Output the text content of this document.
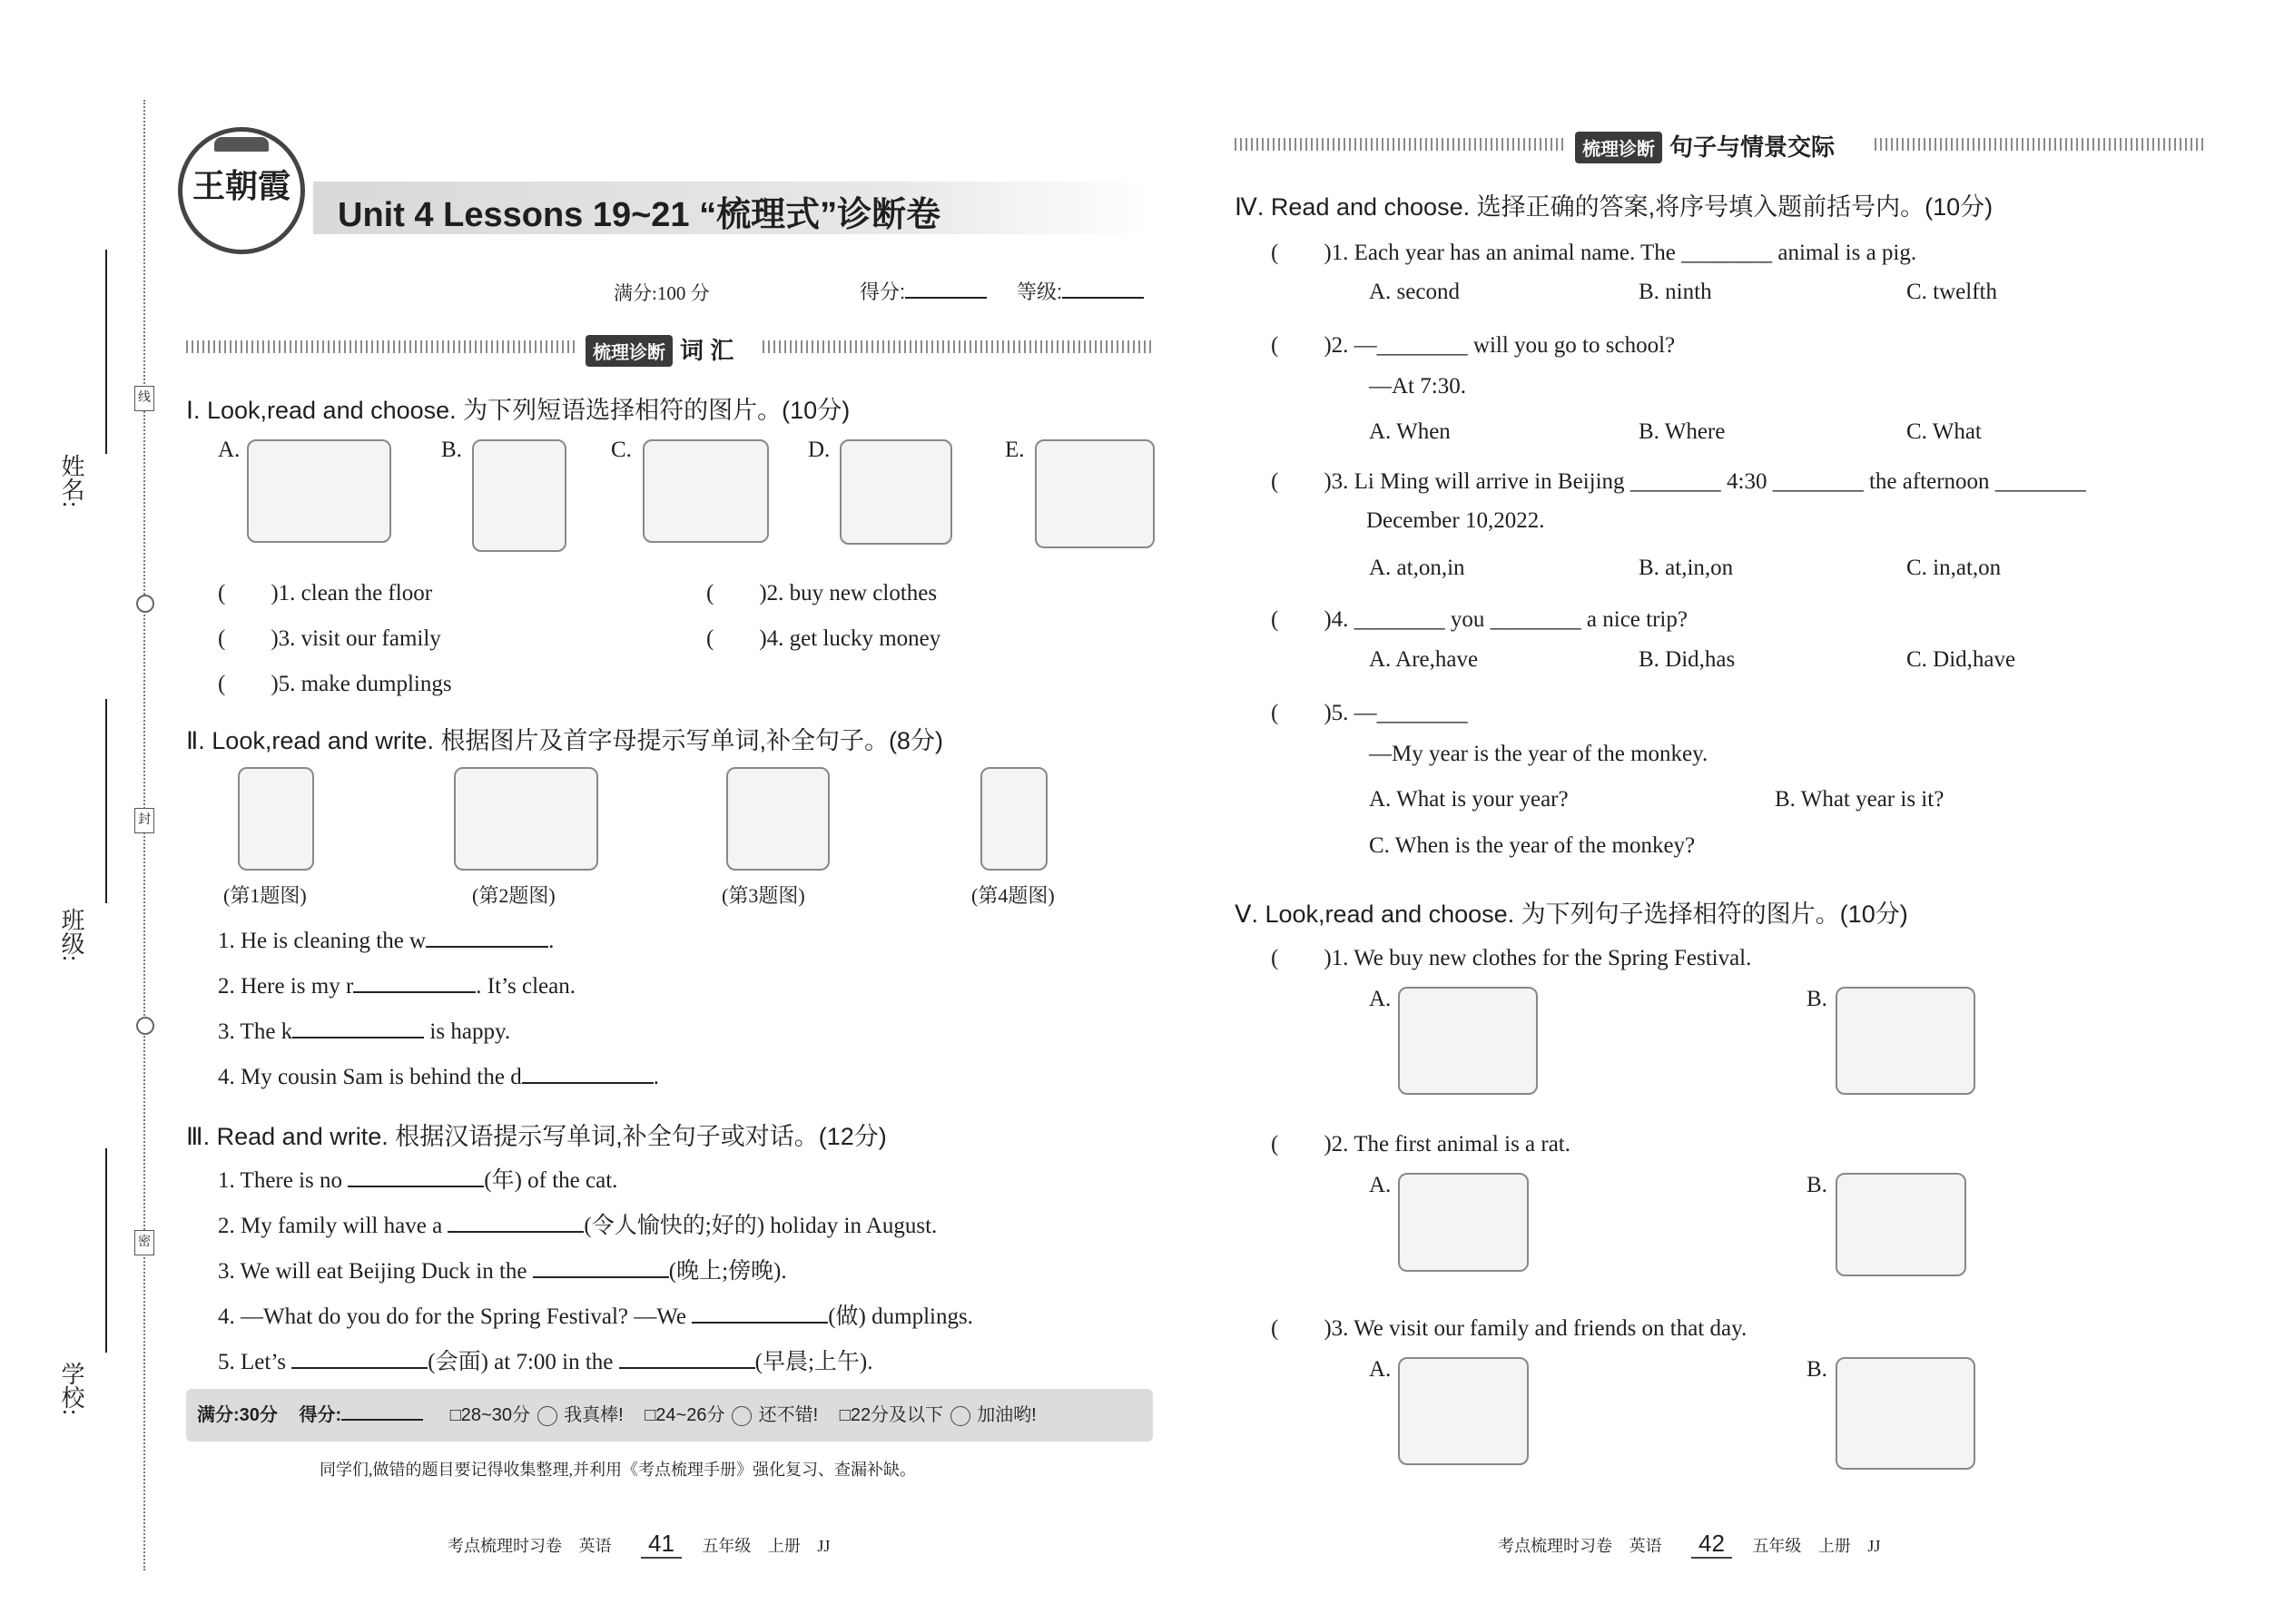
姓名:
班级:
学校:
线
封
密
王朝霞
Unit 4 Lessons 19~21 “梳理式”诊断卷
满分:100 分	得分:	等级:
梳理诊断 词 汇
Ⅰ. Look,read and choose. 为下列短语选择相符的图片。(10分)
A.	B.	C.	D.	E.
(　　)1. clean the floor	(　　)2. buy new clothes
(　　)3. visit our family	(　　)4. get lucky money
(　　)5. make dumplings
Ⅱ. Look,read and write. 根据图片及首字母提示写单词,补全句子。(8分)
(第1题图)	(第2题图)	(第3题图)	(第4题图)
1. He is cleaning the w	.
2. Here is my r	. It’s clean.
3. The k	is happy.
4. My cousin Sam is behind the d	.
Ⅲ. Read and write. 根据汉语提示写单词,补全句子或对话。(12分)
1. There is no	(年) of the cat.
2. My family will have a	(令人愉快的;好的) holiday in August.
3. We will eat Beijing Duck in the	(晚上;傍晚).
4. —What do you do for the Spring Festival? —We	(做) dumplings.
5. Let’s	(会面) at 7:00 in the	(早晨;上午).
满分:30分 得分:	□28~30分 我真棒! □24~26分 还不错! □22分及以下 加油哟!
同学们,做错的题目要记得收集整理,并利用《考点梳理手册》强化复习、查漏补缺。
考点梳理时习卷 英语 41 五年级 上册 JJ
梳理诊断 句子与情景交际
Ⅳ. Read and choose. 选择正确的答案,将序号填入题前括号内。(10分)
(　　)1. Each year has an animal name. The ________ animal is a pig.
A. second	B. ninth	C. twelfth
(　　)2. —________ will you go to school?
—At 7:30.
A. When	B. Where	C. What
(　　)3. Li Ming will arrive in Beijing ________ 4:30 ________ the afternoon ________
December 10,2022.
A. at,on,in	B. at,in,on	C. in,at,on
(　　)4. ________ you ________ a nice trip?
A. Are,have	B. Did,has	C. Did,have
(　　)5. —________
—My year is the year of the monkey.
A. What is your year?	B. What year is it?
C. When is the year of the monkey?
Ⅴ. Look,read and choose. 为下列句子选择相符的图片。(10分)
(　　)1. We buy new clothes for the Spring Festival.
A.	B.
(　　)2. The first animal is a rat.
A.	B.
(　　)3. We visit our family and friends on that day.
A.	B.
考点梳理时习卷 英语 42 五年级 上册 JJ
